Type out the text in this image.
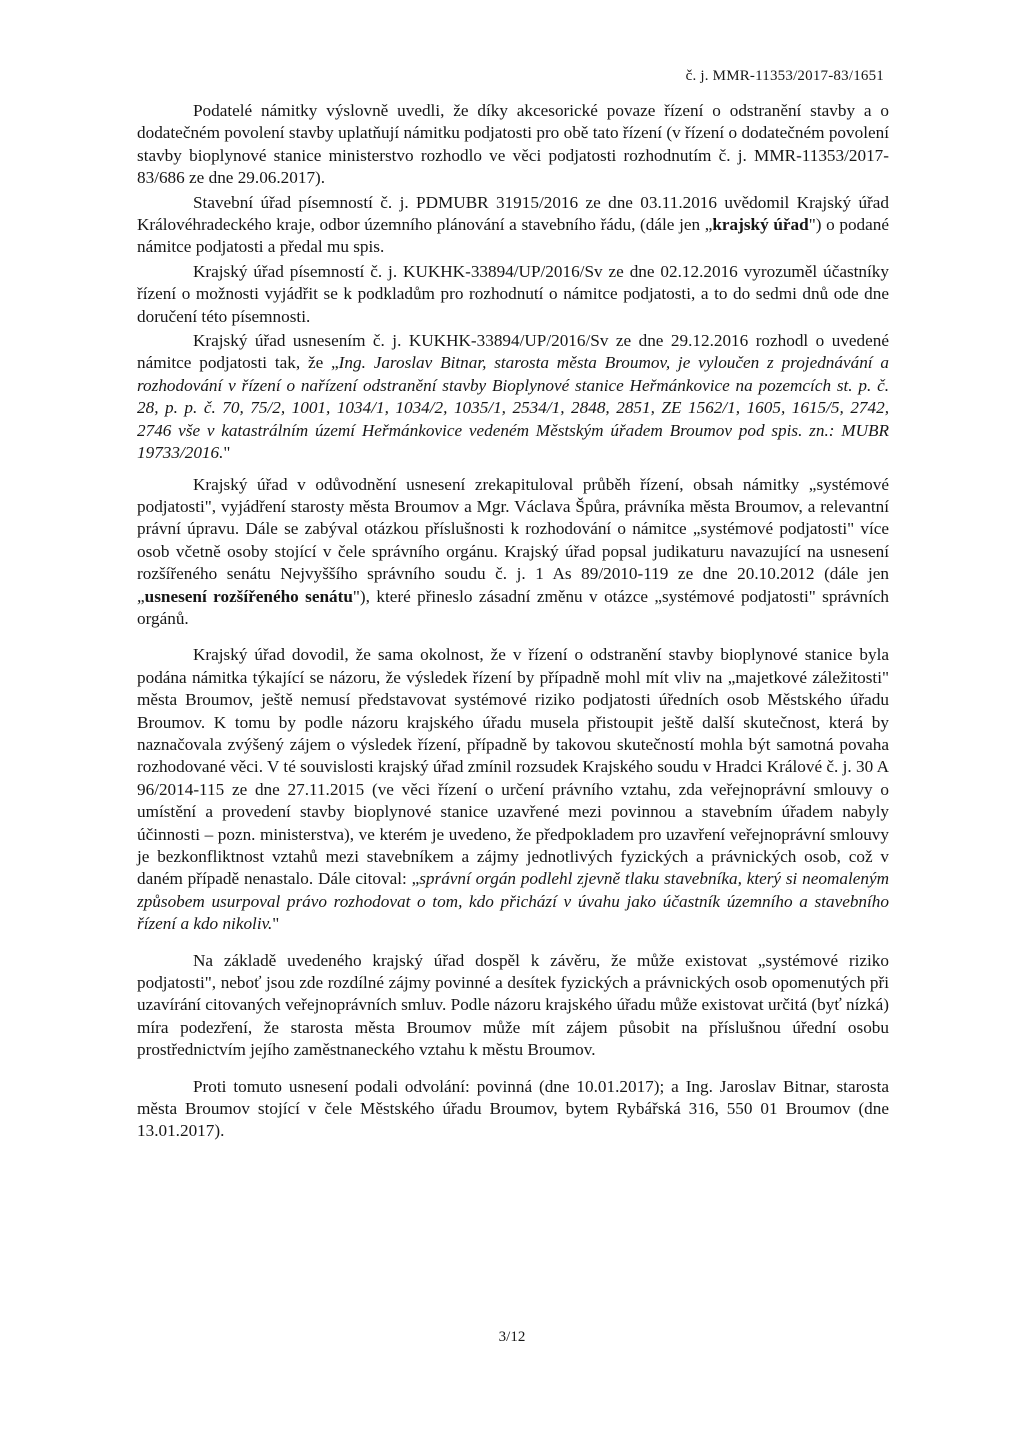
č. j. MMR-11353/2017-83/1651

Podatelé námitky výslovně uvedli, že díky akcesorické povaze řízení o odstranění stavby a o dodatečném povolení stavby uplatňují námitku podjatosti pro obě tato řízení (v řízení o dodatečném povolení stavby bioplynové stanice ministerstvo rozhodlo ve věci podjatosti rozhodnutím č. j. MMR-11353/2017-83/686 ze dne 29.06.2017).

Stavební úřad písemností č. j. PDMUBR 31915/2016 ze dne 03.11.2016 uvědomil Krajský úřad Královéhradeckého kraje, odbor územního plánování a stavebního řádu, (dále jen „krajský úřad") o podané námitce podjatosti a předal mu spis.

Krajský úřad písemností č. j. KUKHK-33894/UP/2016/Sv ze dne 02.12.2016 vyrozuměl účastníky řízení o možnosti vyjádřit se k podkladům pro rozhodnutí o námitce podjatosti, a to do sedmi dnů ode dne doručení této písemnosti.

Krajský úřad usnesením č. j. KUKHK-33894/UP/2016/Sv ze dne 29.12.2016 rozhodl o uvedené námitce podjatosti tak, že „Ing. Jaroslav Bitnar, starosta města Broumov, je vyloučen z projednávání a rozhodování v řízení o nařízení odstranění stavby Bioplynové stanice Heřmánkovice na pozemcích st. p. č. 28, p. p. č. 70, 75/2, 1001, 1034/1, 1034/2, 1035/1, 2534/1, 2848, 2851, ZE 1562/1, 1605, 1615/5, 2742, 2746 vše v katastrálním území Heřmánkovice vedeném Městským úřadem Broumov pod spis. zn.: MUBR 19733/2016."

Krajský úřad v odůvodnění usnesení zrekapituloval průběh řízení, obsah námitky „systémové podjatosti", vyjádření starosty města Broumov a Mgr. Václava Špůra, právníka města Broumov, a relevantní právní úpravu. Dále se zabýval otázkou příslušnosti k rozhodování o námitce „systémové podjatosti" více osob včetně osoby stojící v čele správního orgánu. Krajský úřad popsal judikaturu navazující na usnesení rozšířeného senátu Nejvyššího správního soudu č. j. 1 As 89/2010-119 ze dne 20.10.2012 (dále jen „usnesení rozšířeného senátu"), které přineslo zásadní změnu v otázce „systémové podjatosti" správních orgánů.

Krajský úřad dovodil, že sama okolnost, že v řízení o odstranění stavby bioplynové stanice byla podána námitka týkající se názoru, že výsledek řízení by případně mohl mít vliv na „majetkové záležitosti" města Broumov, ještě nemusí představovat systémové riziko podjatosti úředních osob Městského úřadu Broumov. K tomu by podle názoru krajského úřadu musela přistoupit ještě další skutečnost, která by naznačovala zvýšený zájem o výsledek řízení, případně by takovou skutečností mohla být samotná povaha rozhodované věci. V té souvislosti krajský úřad zmínil rozsudek Krajského soudu v Hradci Králové č. j. 30 A 96/2014-115 ze dne 27.11.2015 (ve věci řízení o určení právního vztahu, zda veřejnoprávní smlouvy o umístění a provedení stavby bioplynové stanice uzavřené mezi povinnou a stavebním úřadem nabyly účinnosti – pozn. ministerstva), ve kterém je uvedeno, že předpokladem pro uzavření veřejnoprávní smlouvy je bezkonfliktnost vztahů mezi stavebníkem a zájmy jednotlivých fyzických a právnických osob, což v daném případě nenastalo. Dále citoval: „správní orgán podlehl zjevně tlaku stavebníka, který si neomaleným způsobem usurpoval právo rozhodovat o tom, kdo přichází v úvahu jako účastník územního a stavebního řízení a kdo nikoliv."

Na základě uvedeného krajský úřad dospěl k závěru, že může existovat „systémové riziko podjatosti", neboť jsou zde rozdílné zájmy povinné a desítek fyzických a právnických osob opomenutých při uzavírání citovaných veřejnoprávních smluv. Podle názoru krajského úřadu může existovat určitá (byť nízká) míra podezření, že starosta města Broumov může mít zájem působit na příslušnou úřední osobu prostřednictvím jejího zaměstnaneckého vztahu k městu Broumov.

Proti tomuto usnesení podali odvolání: povinná (dne 10.01.2017); a Ing. Jaroslav Bitnar, starosta města Broumov stojící v čele Městského úřadu Broumov, bytem Rybářská 316, 550 01 Broumov (dne 13.01.2017).

3/12
